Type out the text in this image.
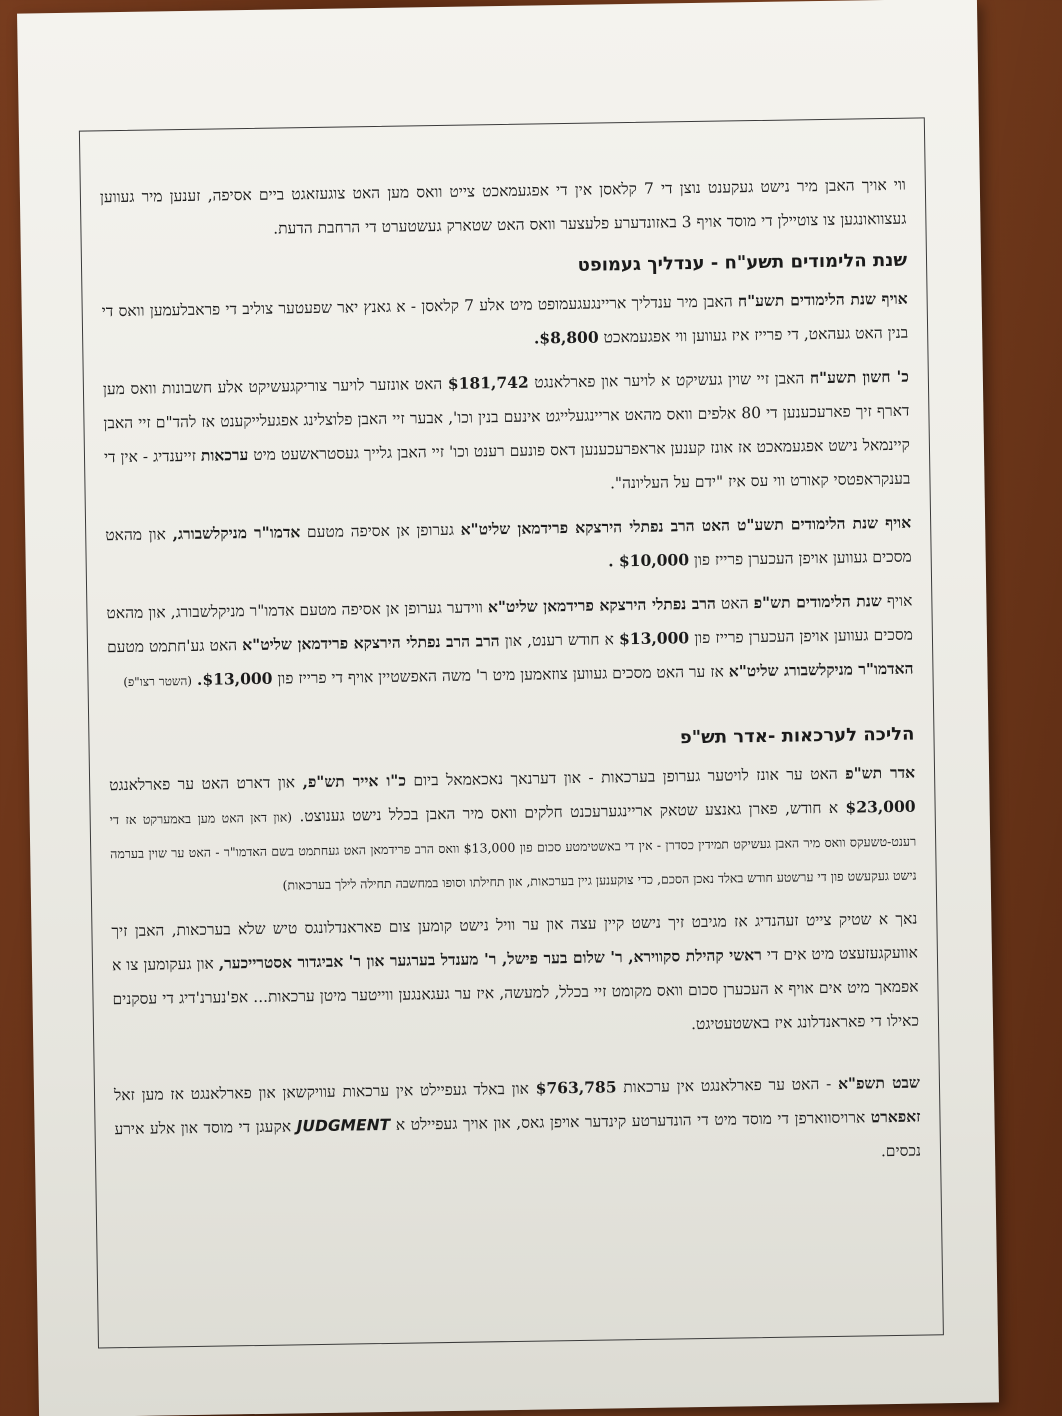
ווי אויך האבן מיר נישט געקענט נוצן די 7 קלאסן אין די אפגעמאכט צייט וואס מען האט צוגעזאגט ביים אסיפה, זענען מיר געווען געצוואונגען צו צוטיילן די מוסד אויף 3 באזונדערע פלעצער וואס האט שטארק געשטערט די הרחבת הדעת.

שנת הלימודים תשע"ח - ענדליך געמופט

אויף שנת הלימודים תשע"ח האבן מיר ענדליך אריינגעגעמופט מיט אלע 7 קלאסן - א גאנץ יאר שפעטער צוליב די פראבלעמען וואס די בנין האט געהאט, די פרייז איז געווען ווי אפגעמאכט $8,800.

כ' חשון תשע"ח האבן זיי שוין געשיקט א לויער און פארלאנגט $181,742 האט אונזער לויער צוריקגעשיקט אלע חשבונות וואס מען דארף זיך פארעכענען די 80 אלפים וואס מהאט אריינגעלייגט אינעם בנין וכו', אבער זיי האבן פלוצלינג אפגעלייקענט אז להד"ם זיי האבן קיינמאל נישט אפגעמאכט אז אונז קענען אראפרעכענען דאס פונעם רענט וכו' זיי האבן גלייך געסטראשעט מיט ערכאות זייענדיג - אין די בענקראפטסי קאורט ווי עס איז "ידם על העליונה".

אויף שנת הלימודים תשע"ט האט הרב נפתלי הירצקא פרידמאן שליט"א גערופן אן אסיפה מטעם אדמו"ר מניקלשבורג, און מהאט מסכים געווען אויפן העכערן פרייז פון $10,000 .

אויף שנת הלימודים תש"פ האט הרב נפתלי הירצקא פרידמאן שליט"א ווידער גערופן אן אסיפה מטעם אדמו"ר מניקלשבורג, און מהאט מסכים געווען אויפן העכערן פרייז פון $13,000 א חודש רענט, און הרב הרב נפתלי הירצקא פרידמאן שליט"א האט גע'חתמט מטעם האדמו"ר מניקלשבורג שליט"א אז ער האט מסכים געווען צוזאמען מיט ר' משה האפשטיין אויף די פרייז פון $13,000. (השטר רצו"פ)

הליכה לערכאות -אדר תש"פ

אדר תש"פ האט ער אונז לויטער גערופן בערכאות - און דערנאך נאכאמאל ביום כ"ו אייר תש"פ, און דארט האט ער פארלאנגט $23,000 א חודש, פארן גאנצע שטאק אריינגערעכנט חלקים וואס מיר האבן בכלל נישט גענוצט. (און דאן האט מען באמערקט אז די רענט-טשעקס וואס מיר האבן געשיקט תמידין כסדרן - אין די באשטימטע סכום פון $13,000 וואס הרב פרידמאן האט געחתמט בשם האדמו"ר - האט ער שוין בערמה נישט געקעשט פון די ערשטע חודש באלד נאכן הסכם, כדי צוקענען גיין בערכאות, און תחילתו וסופו במחשבה תחילה לילך בערכאות)

נאך א שטיק צייט זעהנדיג אז מגיבט זיך נישט קיין עצה און ער וויל נישט קומען צום פאראנדלונגס טיש שלא בערכאות, האבן זיך אוועקגעזעצט מיט אים די ראשי קהילת סקווירא, ר' שלום בער פישל, ר' מענדל בערגער און ר' אביגדור אסטרייכער, און געקומען צו א אפמאך מיט אים אויף א העכערן סכום וואס מקומט זיי בכלל, למעשה, איז ער געגאנגען ווייטער מיטן ערכאות... אפ'נערנ'דיג די עסקנים כאילו די פאראנדלונג איז באשטעטיגט.

שבט תשפ"א - האט ער פארלאנגט אין ערכאות $763,785 און באלד געפיילט אין ערכאות עוויקשאן און פארלאנגט אז מען זאל זאפארט ארויסווארפן די מוסד מיט די הונדערטע קינדער אויפן גאס, און אויך געפיילט א JUDGMENT אקעגן די מוסד און אלע אירע נכסים.
